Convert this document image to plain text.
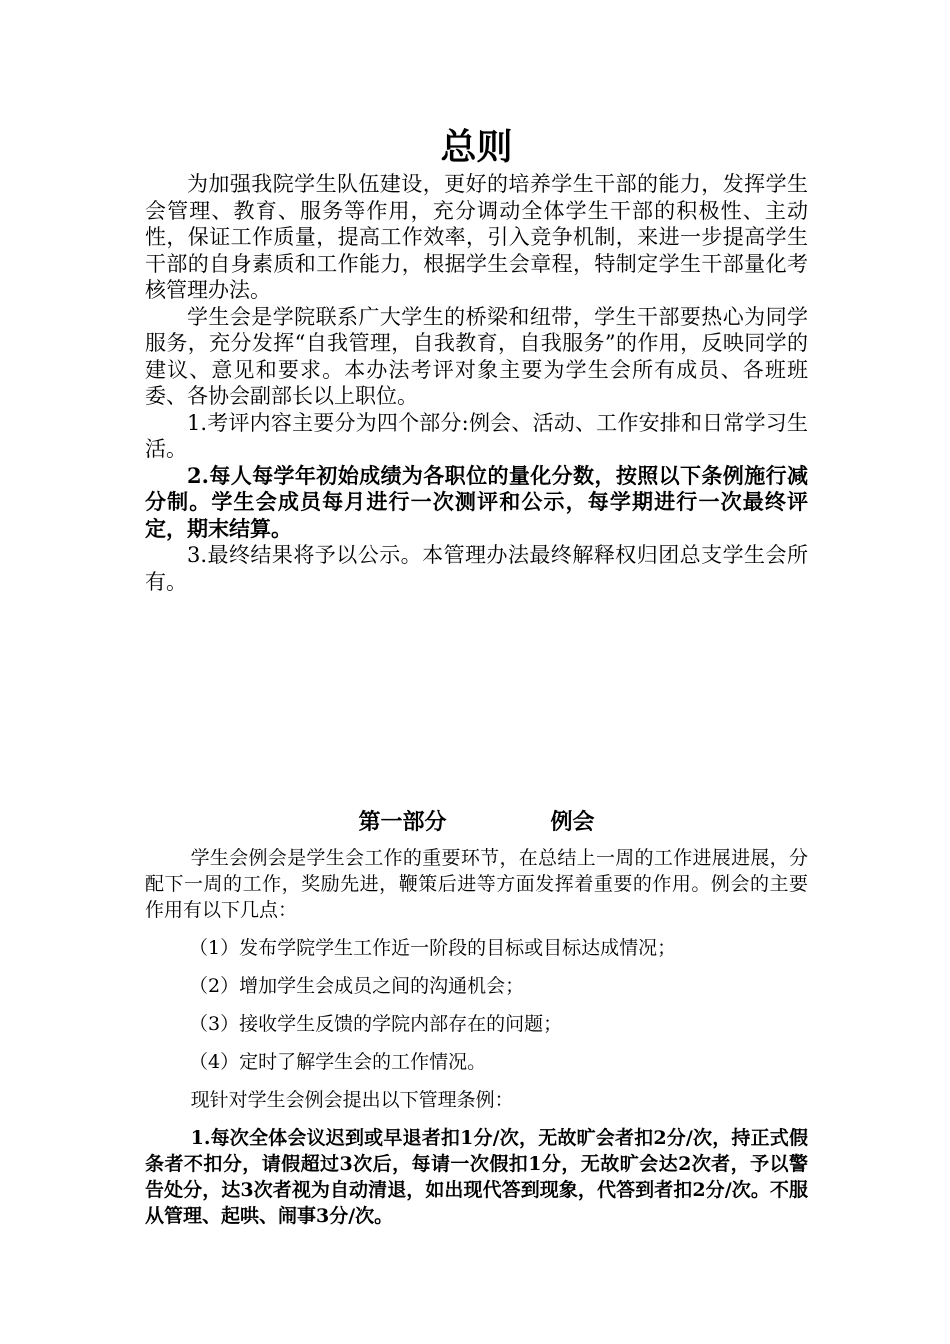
总则

为加强我院学生队伍建设，更好的培养学生干部的能力，发挥学生会管理、教育、服务等作用，充分调动全体学生干部的积极性、主动性，保证工作质量，提高工作效率，引入竞争机制，来进一步提高学生干部的自身素质和工作能力，根据学生会章程，特制定学生干部量化考核管理办法。

学生会是学院联系广大学生的桥梁和纽带，学生干部要热心为同学服务，充分发挥“自我管理，自我教育，自我服务”的作用，反映同学的建议、意见和要求。本办法考评对象主要为学生会所有成员、各班班委、各协会副部长以上职位。

1.考评内容主要分为四个部分:例会、活动、工作安排和日常学习生活。

2.每人每学年初始成绩为各职位的量化分数，按照以下条例施行减分制。学生会成员每月进行一次测评和公示，每学期进行一次最终评定，期末结算。

3.最终结果将予以公示。本管理办法最终解释权归团总支学生会所有。

第一部分	例会

学生会例会是学生会工作的重要环节，在总结上一周的工作进展进展，分配下一周的工作，奖励先进，鞭策后进等方面发挥着重要的作用。例会的主要作用有以下几点：

（1）发布学院学生工作近一阶段的目标或目标达成情况；
（2）增加学生会成员之间的沟通机会；
（3）接收学生反馈的学院内部存在的问题；
（4）定时了解学生会的工作情况。

现针对学生会例会提出以下管理条例：

1.每次全体会议迟到或早退者扣1分/次，无故旷会者扣2分/次，持正式假条者不扣分，请假超过3次后，每请一次假扣1分，无故旷会达2次者，予以警告处分，达3次者视为自动清退，如出现代答到现象，代答到者扣2分/次。不服从管理、起哄、闹事3分/次。
